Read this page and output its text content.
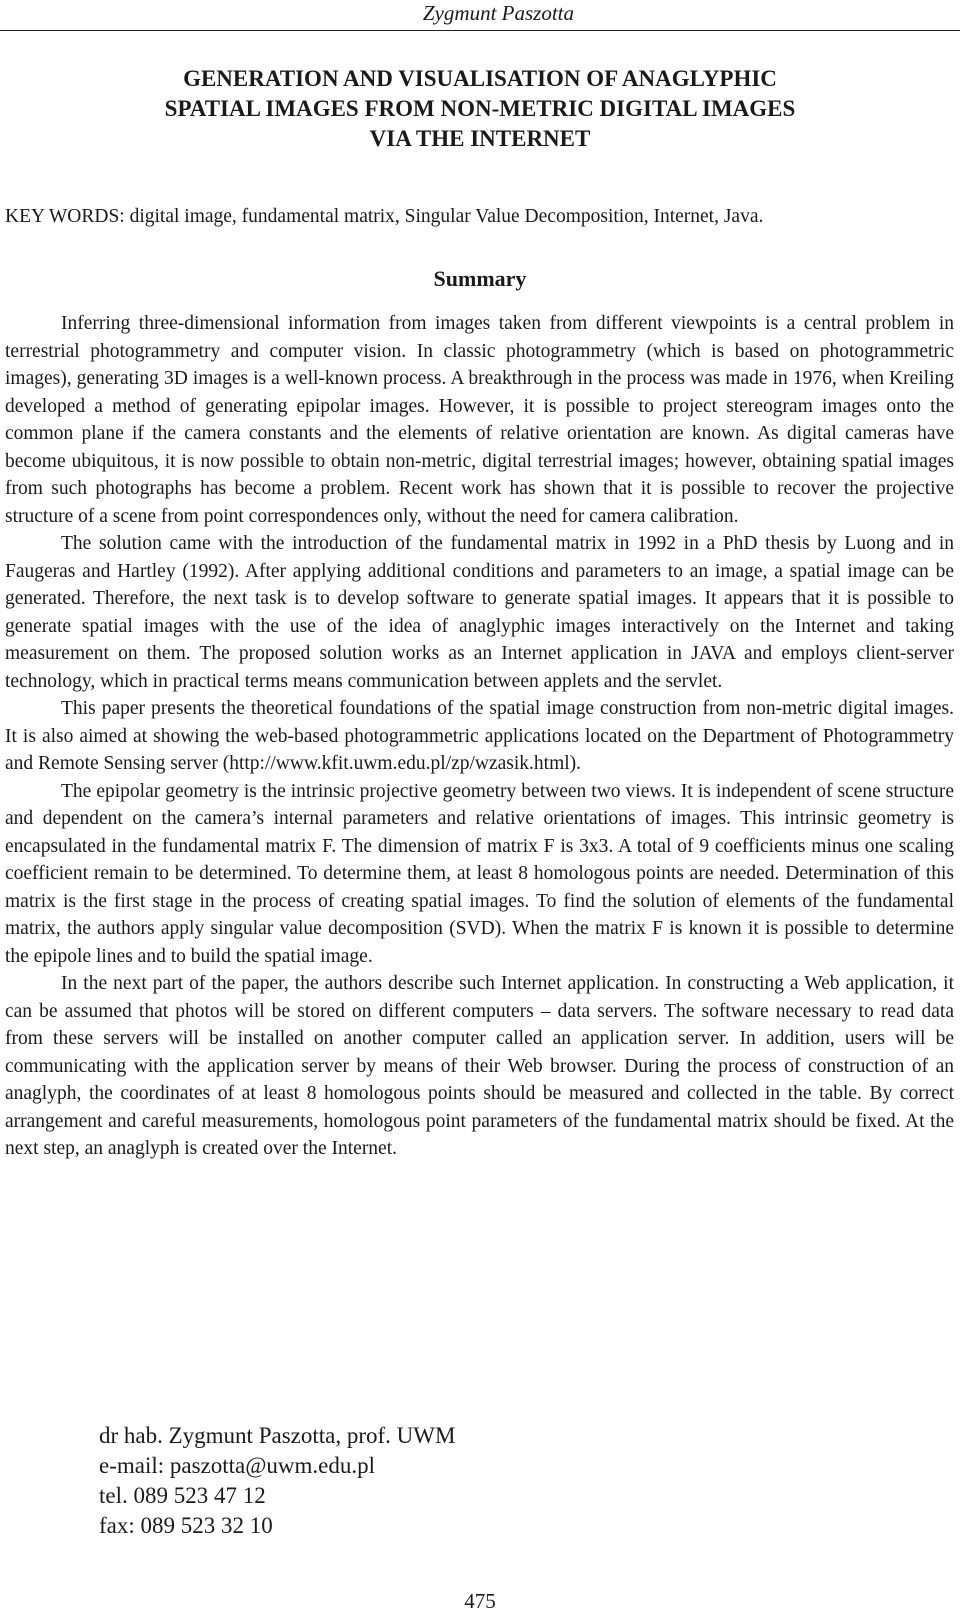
Zygmunt Paszotta
GENERATION AND VISUALISATION OF ANAGLYPHIC
SPATIAL IMAGES FROM NON-METRIC DIGITAL IMAGES
VIA THE INTERNET
KEY WORDS: digital image, fundamental matrix, Singular Value Decomposition, Internet, Java.
Summary

Inferring three-dimensional information from images taken from different viewpoints is a central problem in terrestrial photogrammetry and computer vision. In classic photogrammetry (which is based on photogrammetric images), generating 3D images is a well-known process. A breakthrough in the process was made in 1976, when Kreiling developed a method of generating epipolar images. However, it is possible to project stereogram images onto the common plane if the camera constants and the elements of relative orientation are known. As digital cameras have become ubiquitous, it is now possible to obtain non-metric, digital terrestrial images; however, obtaining spatial images from such photographs has become a problem. Recent work has shown that it is possible to recover the projective structure of a scene from point correspondences only, without the need for camera calibration.

The solution came with the introduction of the fundamental matrix in 1992 in a PhD thesis by Luong and in Faugeras and Hartley (1992). After applying additional conditions and parameters to an image, a spatial image can be generated. Therefore, the next task is to develop software to generate spatial images. It appears that it is possible to generate spatial images with the use of the idea of anaglyphic images interactively on the Internet and taking measurement on them. The proposed solution works as an Internet application in JAVA and employs client-server technology, which in practical terms means communication between applets and the servlet.

This paper presents the theoretical foundations of the spatial image construction from non-metric digital images. It is also aimed at showing the web-based photogrammetric applications located on the Department of Photogrammetry and Remote Sensing server (http://www.kfit.uwm.edu.pl/zp/wzasik.html).

The epipolar geometry is the intrinsic projective geometry between two views. It is independent of scene structure and dependent on the camera’s internal parameters and relative orientations of images. This intrinsic geometry is encapsulated in the fundamental matrix F. The dimension of matrix F is 3x3. A total of 9 coefficients minus one scaling coefficient remain to be determined. To determine them, at least 8 homologous points are needed. Determination of this matrix is the first stage in the process of creating spatial images. To find the solution of elements of the fundamental matrix, the authors apply singular value decomposition (SVD). When the matrix F is known it is possible to determine the epipole lines and to build the spatial image.

In the next part of the paper, the authors describe such Internet application. In constructing a Web application, it can be assumed that photos will be stored on different computers – data servers. The software necessary to read data from these servers will be installed on another computer called an application server. In addition, users will be communicating with the application server by means of their Web browser. During the process of construction of an anaglyph, the coordinates of at least 8 homologous points should be measured and collected in the table. By correct arrangement and careful measurements, homologous point parameters of the fundamental matrix should be fixed. At the next step, an anaglyph is created over the Internet.

dr hab. Zygmunt Paszotta, prof. UWM
e-mail: paszotta@uwm.edu.pl
tel. 089 523 47 12
fax: 089 523 32 10
475
